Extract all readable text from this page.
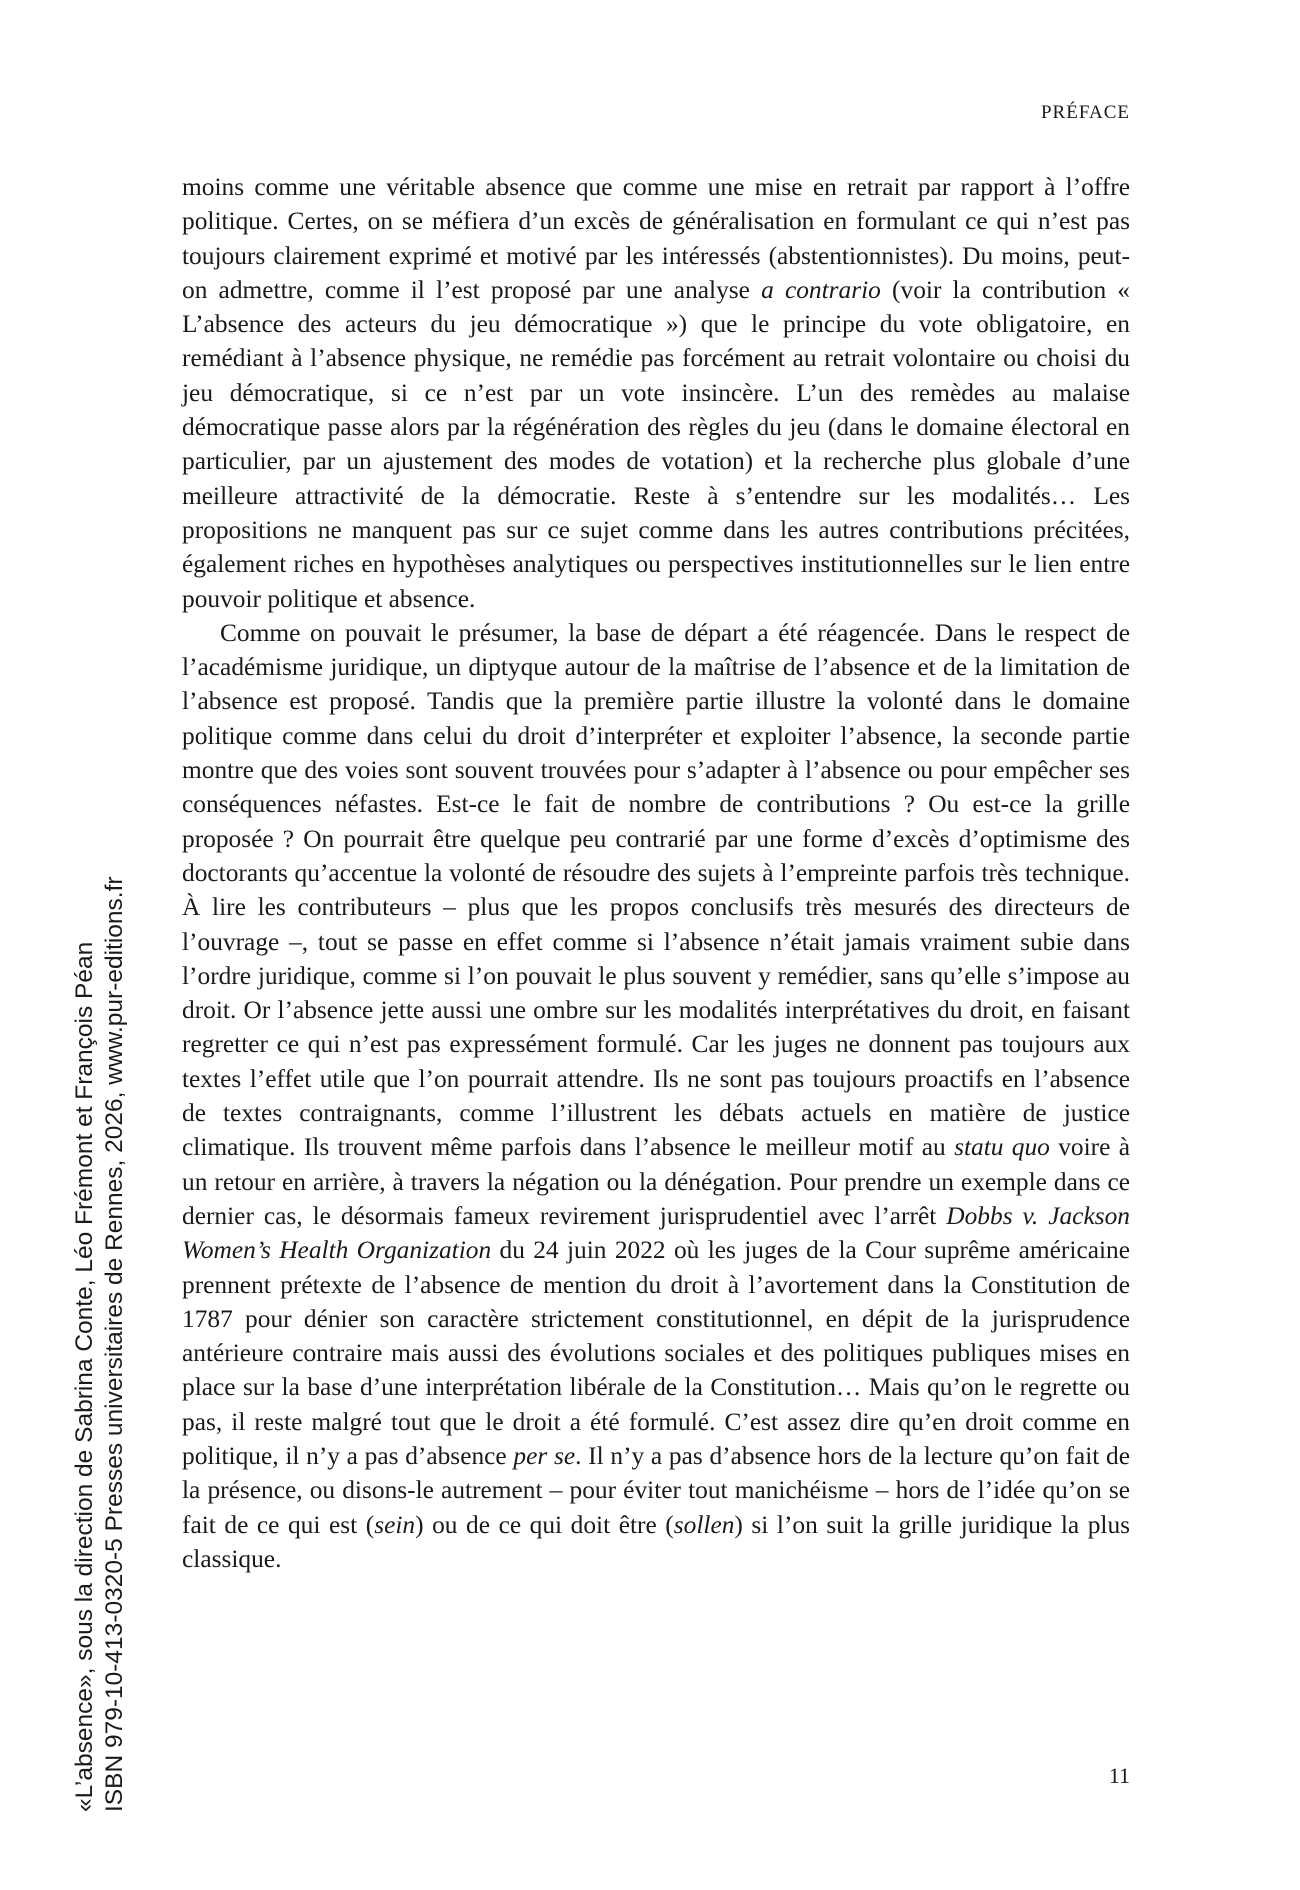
PRÉFACE

moins comme une véritable absence que comme une mise en retrait par rapport à l’offre politique. Certes, on se méfiera d’un excès de généralisation en formulant ce qui n’est pas toujours clairement exprimé et motivé par les intéressés (abstentionnistes). Du moins, peut-on admettre, comme il l’est proposé par une analyse a contrario (voir la contribution « L’absence des acteurs du jeu démocratique ») que le principe du vote obligatoire, en remédiant à l’absence physique, ne remédie pas forcément au retrait volontaire ou choisi du jeu démocratique, si ce n’est par un vote insincère. L’un des remèdes au malaise démocratique passe alors par la régénération des règles du jeu (dans le domaine électoral en particulier, par un ajustement des modes de votation) et la recherche plus globale d’une meilleure attractivité de la démocratie. Reste à s’entendre sur les modalités… Les propositions ne manquent pas sur ce sujet comme dans les autres contributions précitées, également riches en hypothèses analytiques ou perspectives institutionnelles sur le lien entre pouvoir politique et absence.

Comme on pouvait le présumer, la base de départ a été réagencée. Dans le respect de l’académisme juridique, un diptyque autour de la maîtrise de l’absence et de la limitation de l’absence est proposé. Tandis que la première partie illustre la volonté dans le domaine politique comme dans celui du droit d’interpréter et exploiter l’absence, la seconde partie montre que des voies sont souvent trouvées pour s’adapter à l’absence ou pour empêcher ses conséquences néfastes. Est-ce le fait de nombre de contributions ? Ou est-ce la grille proposée ? On pourrait être quelque peu contrarié par une forme d’excès d’optimisme des doctorants qu’accentue la volonté de résoudre des sujets à l’empreinte parfois très technique. À lire les contributeurs – plus que les propos conclusifs très mesurés des directeurs de l’ouvrage –, tout se passe en effet comme si l’absence n’était jamais vraiment subie dans l’ordre juridique, comme si l’on pouvait le plus souvent y remédier, sans qu’elle s’impose au droit. Or l’absence jette aussi une ombre sur les modalités interprétatives du droit, en faisant regretter ce qui n’est pas expressément formulé. Car les juges ne donnent pas toujours aux textes l’effet utile que l’on pourrait attendre. Ils ne sont pas toujours proactifs en l’absence de textes contraignants, comme l’illustrent les débats actuels en matière de justice climatique. Ils trouvent même parfois dans l’absence le meilleur motif au statu quo voire à un retour en arrière, à travers la négation ou la dénégation. Pour prendre un exemple dans ce dernier cas, le désormais fameux revirement jurisprudentiel avec l’arrêt Dobbs v. Jackson Women’s Health Organization du 24 juin 2022 où les juges de la Cour suprême américaine prennent prétexte de l’absence de mention du droit à l’avortement dans la Constitution de 1787 pour dénier son caractère strictement constitutionnel, en dépit de la jurisprudence antérieure contraire mais aussi des évolutions sociales et des politiques publiques mises en place sur la base d’une interprétation libérale de la Constitution… Mais qu’on le regrette ou pas, il reste malgré tout que le droit a été formulé. C’est assez dire qu’en droit comme en politique, il n’y a pas d’absence per se. Il n’y a pas d’absence hors de la lecture qu’on fait de la présence, ou disons-le autrement – pour éviter tout manichéisme – hors de l’idée qu’on se fait de ce qui est (sein) ou de ce qui doit être (sollen) si l’on suit la grille juridique la plus classique.

11
«L’absence», sous la direction de Sabrina Conte, Léo Frémont et François Péan ISBN 979-10-413-0320-5 Presses universitaires de Rennes, 2026, www.pur-editions.fr
